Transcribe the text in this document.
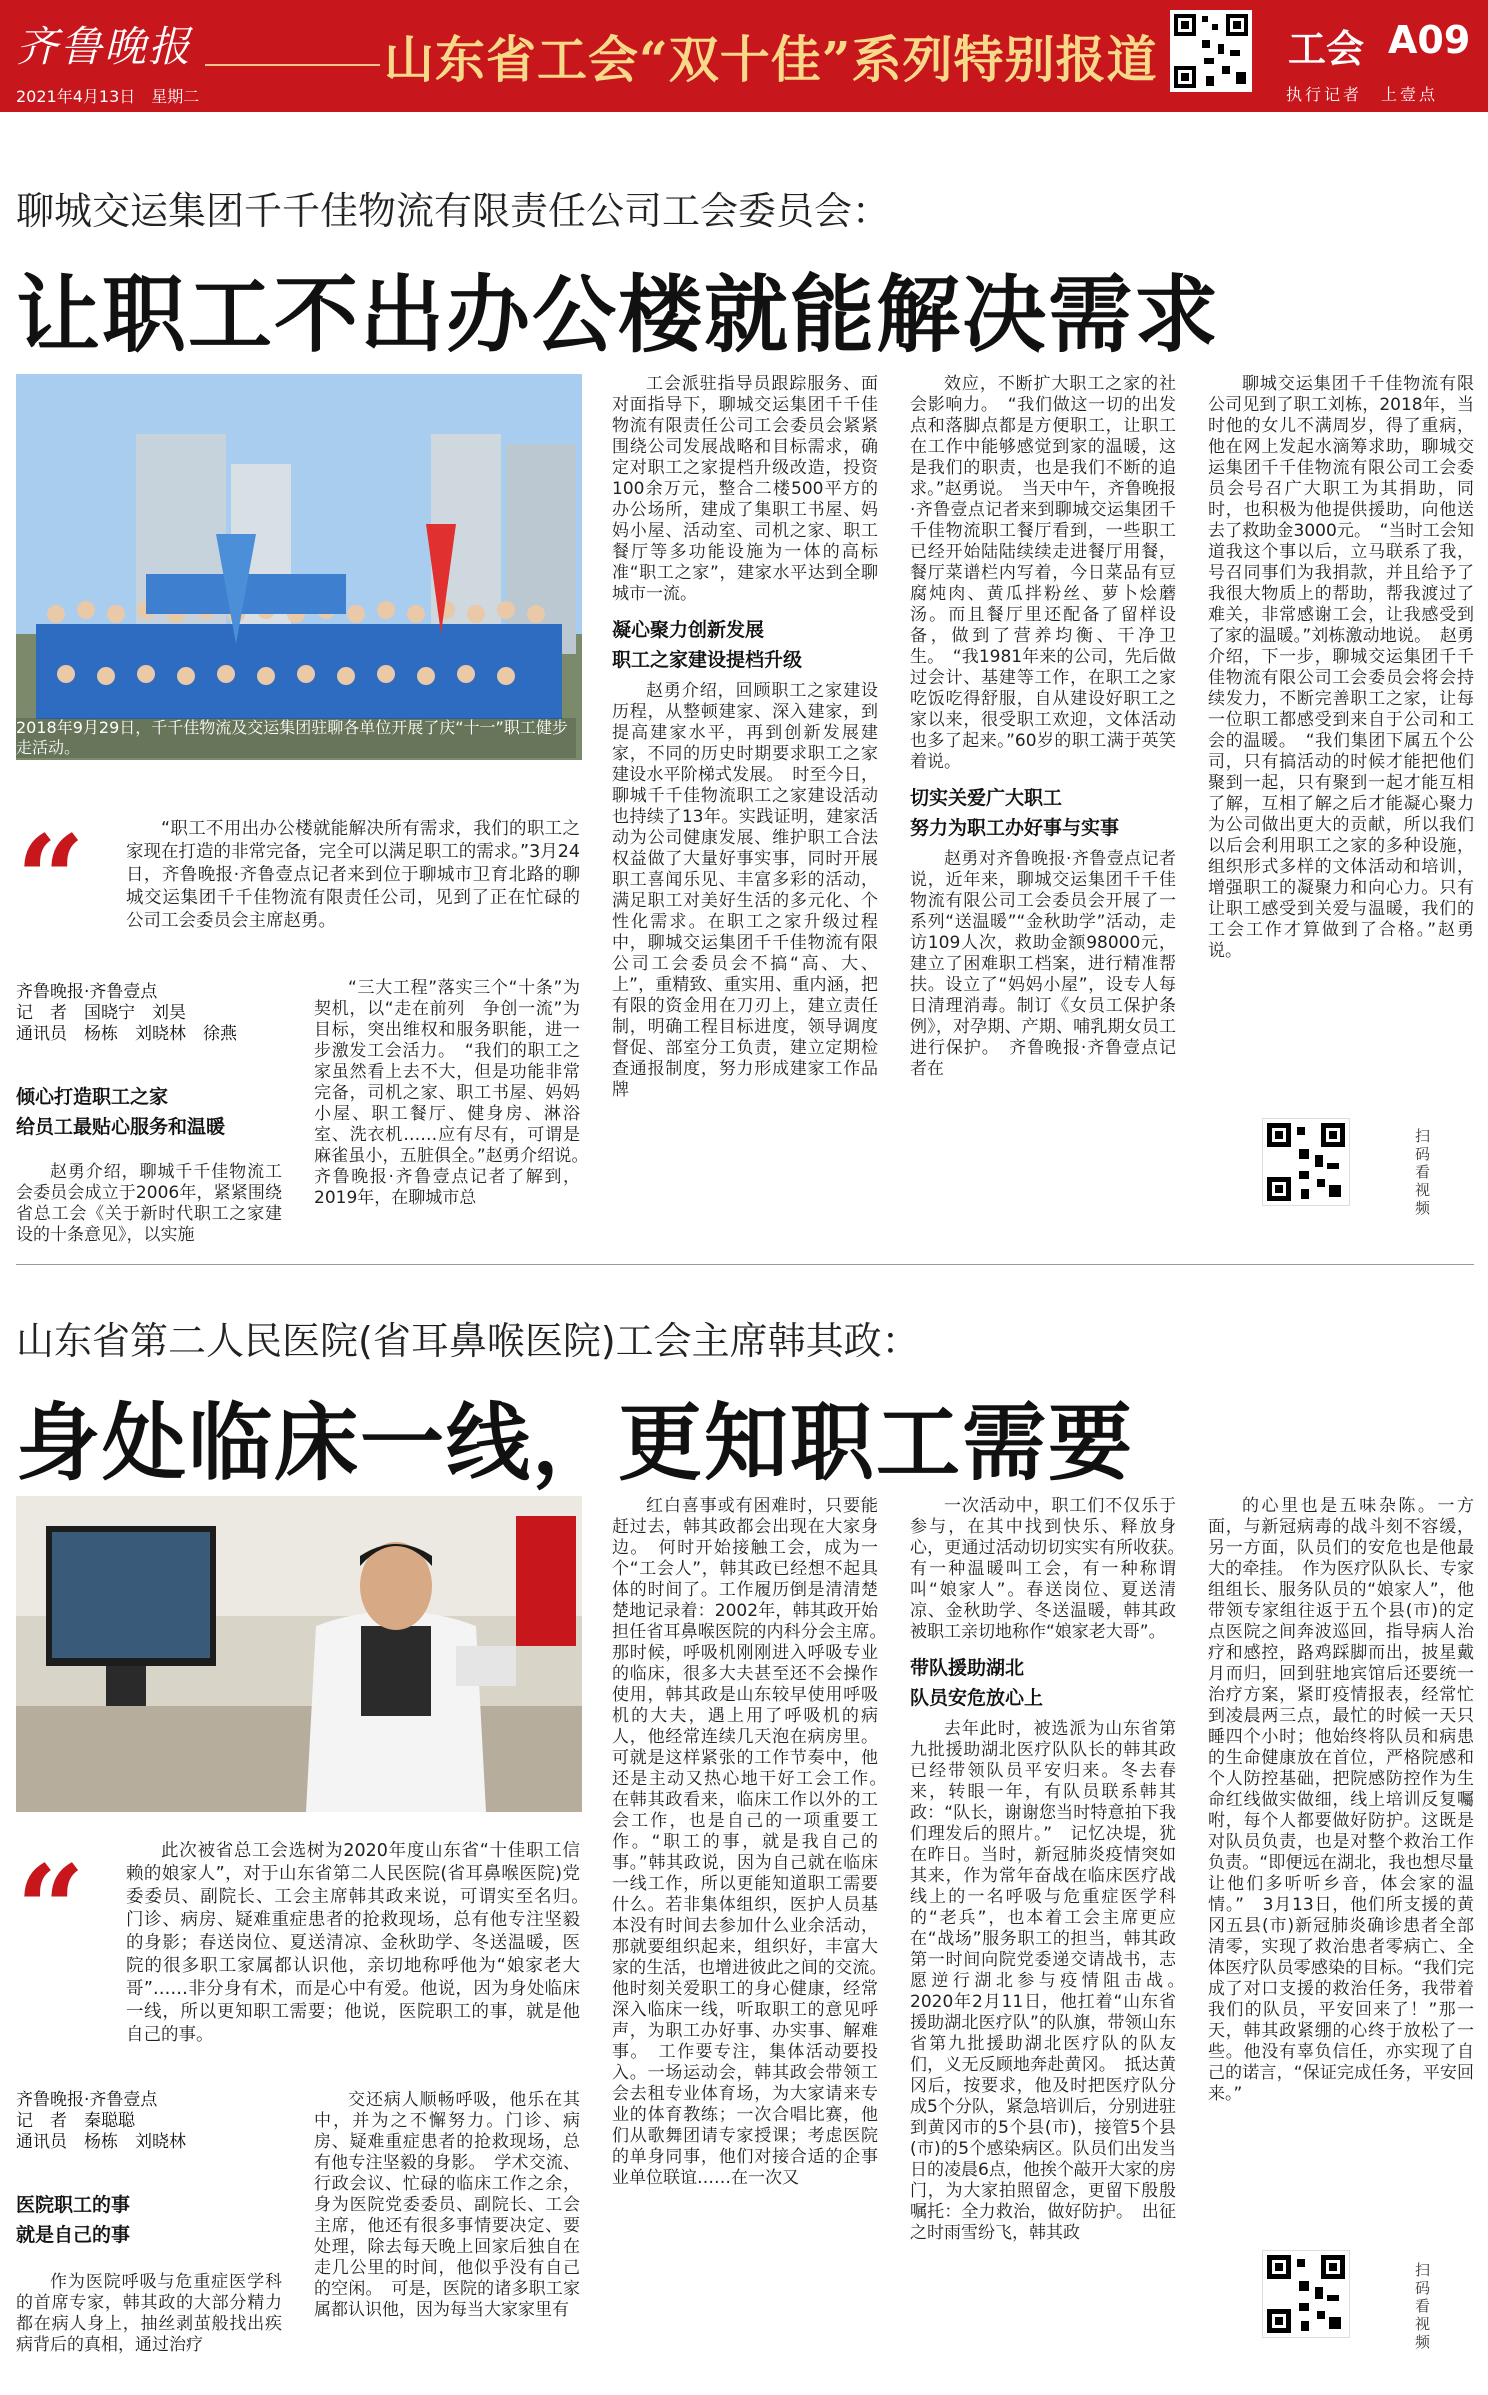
齐鲁晚报
2021年4月13日　星期二
山东省工会“双十佳”系列特别报道	工会 A09
执行记者　上壹点
聊城交运集团千千佳物流有限责任公司工会委员会：
让职工不出办公楼就能解决需求
2018年9月29日，千千佳物流及交运集团驻聊各单位开展了庆“十一”职工健步走活动。
“	“职工不用出办公楼就能解决所有需求，我们的职工之家现在打造的非常完备，完全可以满足职工的需求。”3月24日，齐鲁晚报·齐鲁壹点记者来到位于聊城市卫育北路的聊城交运集团千千佳物流有限责任公司，见到了正在忙碌的公司工会委员会主席赵勇。
齐鲁晚报·齐鲁壹点
记　者　国晓宁　刘昊
通讯员　杨栋　刘晓林　徐燕
倾心打造职工之家
给员工最贴心服务和温暖

赵勇介绍，聊城千千佳物流工会委员会成立于2006年，紧紧围绕省总工会《关于新时代职工之家建设的十条意见》，以实施

“三大工程”落实三个“十条”为契机，以“走在前列　争创一流”为目标，突出维权和服务职能，进一步激发工会活力。　“我们的职工之家虽然看上去不大，但是功能非常完备，司机之家、职工书屋、妈妈小屋、职工餐厅、健身房、淋浴室、洗衣机……应有尽有，可谓是麻雀虽小，五脏俱全。”赵勇介绍说。　齐鲁晚报·齐鲁壹点记者了解到，2019年，在聊城市总

工会派驻指导员跟踪服务、面对面指导下，聊城交运集团千千佳物流有限责任公司工会委员会紧紧围绕公司发展战略和目标需求，确定对职工之家提档升级改造，投资100余万元，整合二楼500平方的办公场所，建成了集职工书屋、妈妈小屋、活动室、司机之家、职工餐厅等多功能设施为一体的高标准“职工之家”，建家水平达到全聊城市一流。

凝心聚力创新发展
职工之家建设提档升级

赵勇介绍，回顾职工之家建设历程，从整顿建家、深入建家，到提高建家水平，再到创新发展建家，不同的历史时期要求职工之家建设水平阶梯式发展。　时至今日，聊城千千佳物流职工之家建设活动也持续了13年。实践证明，建家活动为公司健康发展、维护职工合法权益做了大量好事实事，同时开展职工喜闻乐见、丰富多彩的活动，满足职工对美好生活的多元化、个性化需求。在职工之家升级过程中，聊城交运集团千千佳物流有限公司工会委员会不搞“高、大、上”，重精致、重实用、重内涵，把有限的资金用在刀刃上，建立责任制，明确工程目标进度，领导调度督促、部室分工负责，建立定期检查通报制度，努力形成建家工作品牌

效应，不断扩大职工之家的社会影响力。　“我们做这一切的出发点和落脚点都是方便职工，让职工在工作中能够感觉到家的温暖，这是我们的职责，也是我们不断的追求。”赵勇说。　当天中午，齐鲁晚报·齐鲁壹点记者来到聊城交运集团千千佳物流职工餐厅看到，一些职工已经开始陆陆续续走进餐厅用餐，餐厅菜谱栏内写着，今日菜品有豆腐炖肉、黄瓜拌粉丝、萝卜烩蘑汤。而且餐厅里还配备了留样设备，做到了营养均衡、干净卫生。　“我1981年来的公司，先后做过会计、基建等工作，在职工之家吃饭吃得舒服，自从建设好职工之家以来，很受职工欢迎，文体活动也多了起来。”60岁的职工满于英笑着说。

切实关爱广大职工
努力为职工办好事与实事

赵勇对齐鲁晚报·齐鲁壹点记者说，近年来，聊城交运集团千千佳物流有限公司工会委员会开展了一系列“送温暖”“金秋助学”活动，走访109人次，救助金额98000元，建立了困难职工档案，进行精准帮扶。设立了“妈妈小屋”，设专人每日清理消毒。制订《女员工保护条例》，对孕期、产期、哺乳期女员工进行保护。　齐鲁晚报·齐鲁壹点记者在

聊城交运集团千千佳物流有限公司见到了职工刘栋，2018年，当时他的女儿不满周岁，得了重病，他在网上发起水滴筹求助，聊城交运集团千千佳物流有限公司工会委员会号召广大职工为其捐助，同时，也积极为他提供援助，向他送去了救助金3000元。　“当时工会知道我这个事以后，立马联系了我，号召同事们为我捐款，并且给予了我很大物质上的帮助，帮我渡过了难关，非常感谢工会，让我感受到了家的温暖。”刘栋激动地说。　赵勇介绍，下一步，聊城交运集团千千佳物流有限公司工会委员会将会持续发力，不断完善职工之家，让每一位职工都感受到来自于公司和工会的温暖。　“我们集团下属五个公司，只有搞活动的时候才能把他们聚到一起，只有聚到一起才能互相了解，互相了解之后才能凝心聚力为公司做出更大的贡献，所以我们以后会利用职工之家的多种设施，组织形式多样的文体活动和培训，增强职工的凝聚力和向心力。只有让职工感受到关爱与温暖，我们的工会工作才算做到了合格。”赵勇说。

扫码看视频
山东省第二人民医院(省耳鼻喉医院)工会主席韩其政：
身处临床一线，更知职工需要
“	此次被省总工会选树为2020年度山东省“十佳职工信赖的娘家人”，对于山东省第二人民医院(省耳鼻喉医院)党委委员、副院长、工会主席韩其政来说，可谓实至名归。　门诊、病房、疑难重症患者的抢救现场，总有他专注坚毅的身影；春送岗位、夏送清凉、金秋助学、冬送温暖，医院的很多职工家属都认识他，亲切地称呼他为“娘家老大哥”……非分身有术，而是心中有爱。他说，因为身处临床一线，所以更知职工需要；他说，医院职工的事，就是他自己的事。
齐鲁晚报·齐鲁壹点
记　者　秦聪聪
通讯员　杨栋　刘晓林
医院职工的事
就是自己的事

作为医院呼吸与危重症医学科的首席专家，韩其政的大部分精力都在病人身上，抽丝剥茧般找出疾病背后的真相，通过治疗

交还病人顺畅呼吸，他乐在其中，并为之不懈努力。门诊、病房、疑难重症患者的抢救现场，总有他专注坚毅的身影。　学术交流、行政会议、忙碌的临床工作之余，身为医院党委委员、副院长、工会主席，他还有很多事情要决定、要处理，除去每天晚上回家后独自在走几公里的时间，他似乎没有自己的空闲。　可是，医院的诸多职工家属都认识他，因为每当大家家里有

红白喜事或有困难时，只要能赶过去，韩其政都会出现在大家身边。　何时开始接触工会，成为一个“工会人”，韩其政已经想不起具体的时间了。工作履历倒是清清楚楚地记录着：2002年，韩其政开始担任省耳鼻喉医院的内科分会主席。　那时候，呼吸机刚刚进入呼吸专业的临床，很多大夫甚至还不会操作使用，韩其政是山东较早使用呼吸机的大夫，遇上用了呼吸机的病人，他经常连续几天泡在病房里。可就是这样紧张的工作节奏中，他还是主动又热心地干好工会工作。　在韩其政看来，临床工作以外的工会工作，也是自己的一项重要工作。“职工的事，就是我自己的事。”韩其政说，因为自己就在临床一线工作，所以更能知道职工需要什么。若非集体组织，医护人员基本没有时间去参加什么业余活动，那就要组织起来，组织好，丰富大家的生活，也增进彼此之间的交流。　他时刻关爱职工的身心健康，经常深入临床一线，听取职工的意见呼声，为职工办好事、办实事、解难事。　工作要专注，集体活动要投入。一场运动会，韩其政会带领工会去租专业体育场，为大家请来专业的体育教练；一次合唱比赛，他们从歌舞团请专家授课；考虑医院的单身同事，他们对接合适的企事业单位联谊……在一次又

一次活动中，职工们不仅乐于参与，在其中找到快乐、释放身心，更通过活动切切实实有所收获。　有一种温暖叫工会，有一种称谓叫“娘家人”。春送岗位、夏送清凉、金秋助学、冬送温暖，韩其政被职工亲切地称作“娘家老大哥”。

带队援助湖北
队员安危放心上

去年此时，被选派为山东省第九批援助湖北医疗队队长的韩其政已经带领队员平安归来。冬去春来，转眼一年，有队员联系韩其政：“队长，谢谢您当时特意拍下我们理发后的照片。”　记忆决堤，犹在昨日。当时，新冠肺炎疫情突如其来，作为常年奋战在临床医疗战线上的一名呼吸与危重症医学科的“老兵”，也本着工会主席更应在“战场”服务职工的担当，韩其政第一时间向院党委递交请战书，志愿逆行湖北参与疫情阻击战。　2020年2月11日，他扛着“山东省援助湖北医疗队”的队旗，带领山东省第九批援助湖北医疗队的队友们，义无反顾地奔赴黄冈。　抵达黄冈后，按要求，他及时把医疗队分成5个分队，紧急培训后，分别进驻到黄冈市的5个县(市)，接管5个县(市)的5个感染病区。队员们出发当日的凌晨6点，他挨个敲开大家的房门，为大家拍照留念，更留下殷殷嘱托：全力救治，做好防护。　出征之时雨雪纷飞，韩其政

的心里也是五味杂陈。一方面，与新冠病毒的战斗刻不容缓，另一方面，队员们的安危也是他最大的牵挂。　作为医疗队队长、专家组组长、服务队员的“娘家人”，他带领专家组往返于五个县(市)的定点医院之间奔波巡回，指导病人治疗和感控，路鸡踩脚而出，披星戴月而归，回到驻地宾馆后还要统一治疗方案，紧盯疫情报表，经常忙到凌晨两三点，最忙的时候一天只睡四个小时；他始终将队员和病患的生命健康放在首位，严格院感和个人防控基础，把院感防控作为生命红线做实做细，线上培训反复囑咐，每个人都要做好防护。这既是对队员负责，也是对整个救治工作负责。“即便远在湖北，我也想尽量让他们多听听乡音，体会家的温情。”　3月13日，他们所支援的黄冈五县(市)新冠肺炎确诊患者全部清零，实现了救治患者零病亡、全体医疗队员零感染的目标。“我们完成了对口支援的救治任务，我带着我们的队员，平安回来了！”那一天，韩其政紧绷的心终于放松了一些。他没有辜负信任，亦实现了自己的诺言，“保证完成任务，平安回来。”

扫码看视频
